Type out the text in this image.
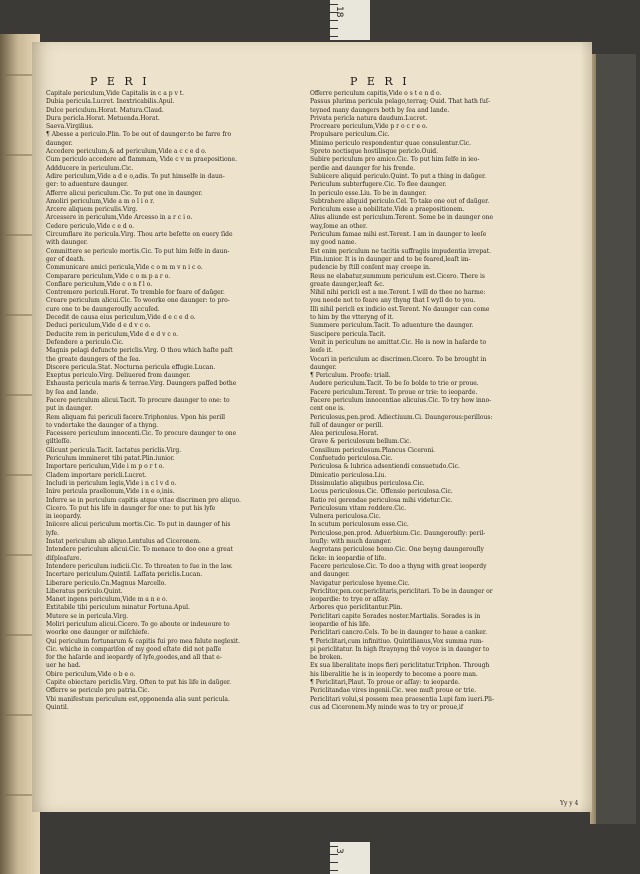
18
P E R I	P E R I
Capitale periculum,Vide Capitalis in c a p v t.
Dubia pericula.Lucret. Inextricabilis.Apul.
Dulce periculum.Horat. Matura.Claud.
Dura pericla.Horat. Metuenda.Horat.
Saeva.Virgilius.
¶ Abesse a periculo.Plin. To be out of daunger:to be farre fro
daunger.
Accedere periculum,& ad periculum,Vide a c c e d o.
Cum periculo accedere ad flammam, Vide c v m praepositione.
Addducere in periculum.Cic.
Adire periculum,Vide a d e o,adis. To put himselfe in daun-
ger: to aduenture daunger.
Afferre alicui periculum.Cic. To put one in daunger.
Amoliri periculum,Vide a m o l i o r.
Arcere aliquem periculis.Virg.
Arcessere in periculum,Vide Arcesso in a r c i o.
Cedere periculo,Vide c e d o.
Circumflare ite pericula.Virg. Thou arte beſette on euery ſide
with daunger.
Committere se periculo mortis.Cic. To put him ſelfe in daun-
ger of death.
Communicare amici pericula,Vide c o m m v n i c o.
Comparare periculum,Vide c o m p a r o.
Conflare periculum,Vide c o n f l o.
Contremere periculi.Horat. To tremble for feare of daũger.
Creare periculum alicui.Cic. To woorke one daunger: to pro-
cure one to be daungerouſly accuſed.
Decedit de causa eius periculum,Vide d e c e d o.
Deduci periculum,Vide d e d v c o.
Deducite rem in periculum,Vide d e d v c o.
Defendere a periculo.Cic.
Magnis pelagi defuncte periclis.Virg. O thou which haſte paſt
the greate daungers of the ſea.
Discere pericula.Stat. Nocturna pericula effugie.Lucan.
Exeptus periculo.Virg. Deliuered from daunger.
Exhausta pericula maris & terrae.Virg. Daungers paſſed bothe
by ſea and lande.
Facere periculum alicui.Tacit. To procure daunger to one: to
put in daunger.
Rem aliquam fui periculi facere.Triphonius. Vpon his perill
to vndertake the daunger of a thyng.
Facessere periculum innocenti.Cic. To procure daunger to one
giltleſſe.
Glicunt pericula.Tacit. Iactatus periclis.Virg.
Periculum immineret tibi patat.Plin.iunior.
Importare periculum,Vide i m p o r t o.
Cladem importare pericli.Lucret.
Includi in periculum legis,Vide i n c l v d o.
Inire pericula praelionum,Vide i n e o,inis.
Inferre se in periculum capitis atque vitae discrimen pro aliquo.
Cicero. To put his life in daunger for one: to put his lyfe
in ieopardy.
Iniicere alicui periculum mortis.Cic. To put in daunger of his
lyfe.
Instat periculum ab aliquo.Lentulus ad Ciceronem.
Intendere periculum alicui.Cic. To menace to doo one a great
diſpleaſure.
Intendere periculum iudicii.Cic. To threaten to ſue in the law.
Incertare periculum.Quintil. Laſſata periclis.Lucan.
Liberare periculo.Cn.Magnus Marcello.
Liberatus periculo.Quint.
Manet ingens periculum,Vide m a n e o.
Extitabile tibi periculum minatur Fortuna.Apul.
Mutere se in pericula.Virg.
Moliri periculum alicui.Cicero. To go aboute or indeuoure to
woorke one daunger or miſchiefe.
Qui periculum fortunarum & capitis fui pro mea falute neglexit.
Cic. whiche in compariſon of my good eſtate did not paſſe
for the haſarde and ieopardy of lyfe,goodes,and all that e-
uer he had.
Obire periculum,Vide o b e o.
Capite obiectare periclis.Virg. Often to put his life in daũger.
Offerre se periculo pro patria.Cic.
Vbi manifestum periculum est,opponenda alia sunt pericula.
Quintil.
Offerre periculum capitis,Vide o s t e n d o.
Passus plurima pericula pelago,terraq; Ouid. That hath ſuſ-
teyned many daungers both by ſea and lande.
Privata pericla natura daudum.Lucret.
Procreare periculum,Vide p r o c r e o.
Propulsare periculum.Cic.
Minimo periculo respondentur quae consulentur.Cic.
Spreto noctisque hostilisque periclo.Ouid.
Subire periculum pro amico.Cic. To put him ſelfe in ieo-
perdie and daunger for his frende.
Subiicere aliquid periculo.Quint. To put a thing in daũger.
Periculum subterfugere.Cic. To flee daunger.
In periculo esse.Liu. To be in daunger.
Subtrahere aliquid periculo.Cel. To take one out of daũger.
Periculum esse a nobilitate.Vide a praepositionem.
Alius aliunde est periculum.Terent. Some be in daunger one
way,ſome an other.
Periculum famae mihi est.Terent. I am in daunger to leeſe
my good name.
Est enim periculum ne tacitis suffragiis impudentia irrepat.
Plin.iunior. It is in daunger and to be feared,leaſt im-
pudencie by ſtill conſent may creepe in.
Reus ne elabatur,summum periculum est.Cicero. There is
greate daunger,leaſt &c.
Nihil nihi pericli est a me.Terent. I will do thee no harme:
you neede not to feare any thyng that I wyll do to you.
Illi nihil pericli ex indicio est.Terent. No daunger can come
to him by the vtteryng of it.
Summere periculum.Tacit. To aduenture the daunger.
Suscipere pericula.Tacit.
Venit in periculum ne amittat.Cic. He is now in haſarde to
leeſe it.
Vocari in periculum ac discrimen.Cicero. To be brought in
daunger.
¶ Periculum. Proofe: triall.
Audere periculum.Tacit. To be ſo bolde to trie or proue.
Facere periculum.Terent. To proue or trie: to ieoparde.
Facere periculum innocentiae alicuius.Cic. To try how inno-
cent one is.
Periculosus,pen.prod. Adiectiuum.Ci. Daungerous:perillous:
full of daunger or perill.
Alea periculosa.Horat.
Grave & periculosum bellum.Cic.
Consilium periculosum.Plancus Ciceroni.
Confuetudo periculosa.Cic.
Periculosa & lubrica adsentiendi consuetudo.Cic.
Dimicatio periculosa.Liu.
Dissimulatio aliquibus periculosa.Cic.
Locus periculosus.Cic. Offensio periculosa.Cic.
Ratio rei gerendae periculosa mihi videtur.Cic.
Periculosum vitam reddere.Cic.
Vulnera periculosa.Cic.
In scutum periculosum esse.Cic.
Periculose,pen.prod. Aduerbium.Cic. Daungerouſly: peril-
louſly: with much daunger.
Aegrotans periculose homo.Cic. One beyng daungerouſly
ſicke: in ieopardie of life.
Facere periculose.Cic. To doo a thyng with great ieoperdy
and daunger.
Navigatur periculose hyeme.Cic.
Periclitor,pen.cor.periclitaris,periclitari. To be in daunger or
ieopardie: to trye or aſſay.
Arbores quo periclitantur.Plin.
Periclitari capite Sorades noster.Martialis. Sorades is in
ieopardie of his life.
Periclitari cancro.Cels. To be in daunger to haue a canker.
¶ Periclitari,cum infinitiuo. Quintilianus,Vox summa rum-
pi periclitatur. In high ſtraynyng thẽ voyce is in daunger to
be broken.
Ex sua liberalitate inops fieri periclitatur.Triphon. Through
his liberalitie he is in ieoperdy to become a poore man.
¶ Periclitari,Plaut. To proue or aſſay: to ieoparde.
Periclitandae vires ingenii.Cic. wee muſt proue or trie.
Periclitari volui,si possem mea praesentia Lupi fam iueri.Pli-
cus ad Ciceronem.My minde was to try or proue,if
Yy y 4
3
